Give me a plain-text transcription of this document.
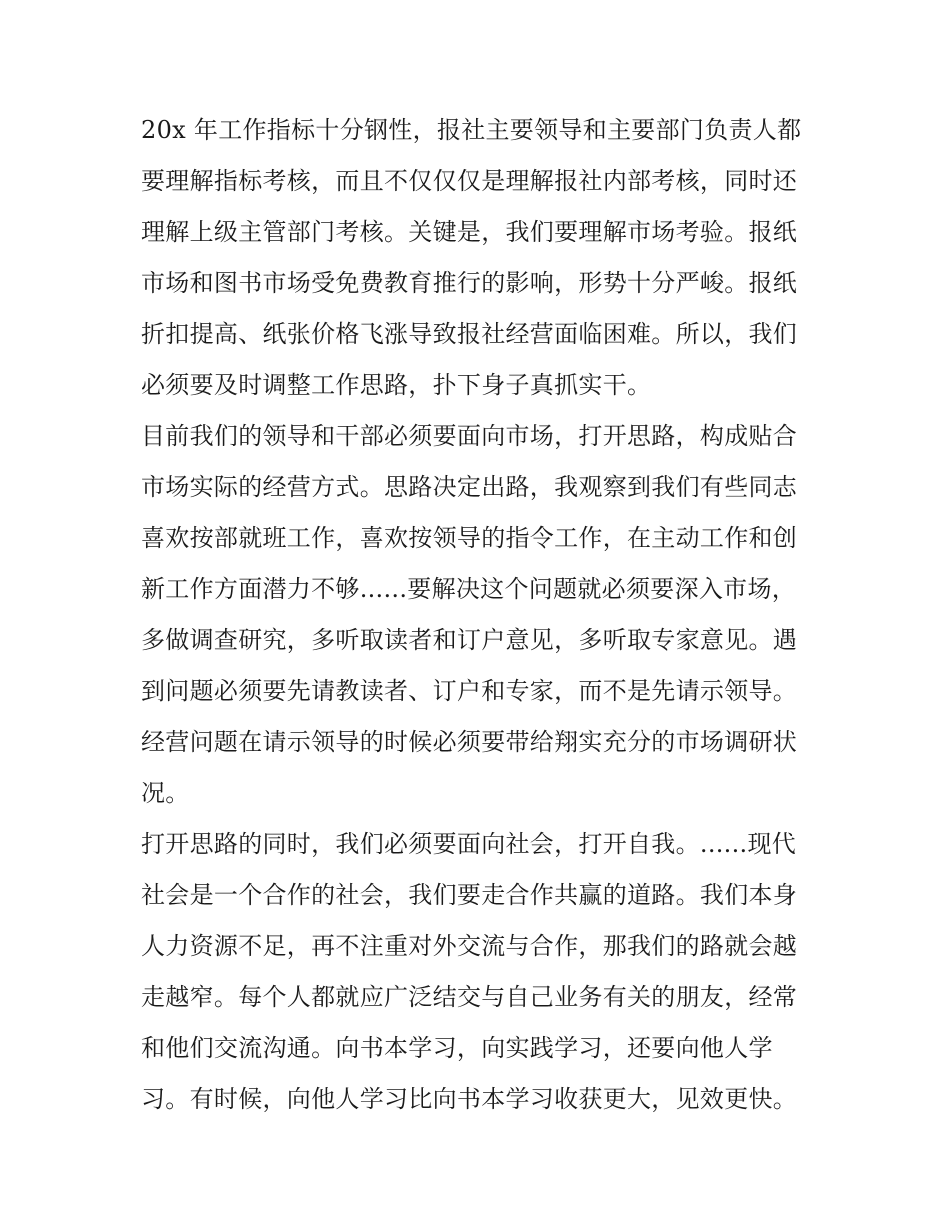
20x 年工作指标十分钢性，报社主要领导和主要部门负责人都
要理解指标考核，而且不仅仅仅是理解报社内部考核，同时还
理解上级主管部门考核。关键是，我们要理解市场考验。报纸
市场和图书市场受免费教育推行的影响，形势十分严峻。报纸
折扣提高、纸张价格飞涨导致报社经营面临困难。所以，我们
必须要及时调整工作思路，扑下身子真抓实干。
目前我们的领导和干部必须要面向市场，打开思路，构成贴合
市场实际的经营方式。思路决定出路，我观察到我们有些同志
喜欢按部就班工作，喜欢按领导的指令工作，在主动工作和创
新工作方面潜力不够......要解决这个问题就必须要深入市场，
多做调查研究，多听取读者和订户意见，多听取专家意见。遇
到问题必须要先请教读者、订户和专家，而不是先请示领导。
经营问题在请示领导的时候必须要带给翔实充分的市场调研状
况。
打开思路的同时，我们必须要面向社会，打开自我。......现代
社会是一个合作的社会，我们要走合作共赢的道路。我们本身
人力资源不足，再不注重对外交流与合作，那我们的路就会越
走越窄。每个人都就应广泛结交与自己业务有关的朋友，经常
和他们交流沟通。向书本学习，向实践学习，还要向他人学
习。有时候，向他人学习比向书本学习收获更大，见效更快。
